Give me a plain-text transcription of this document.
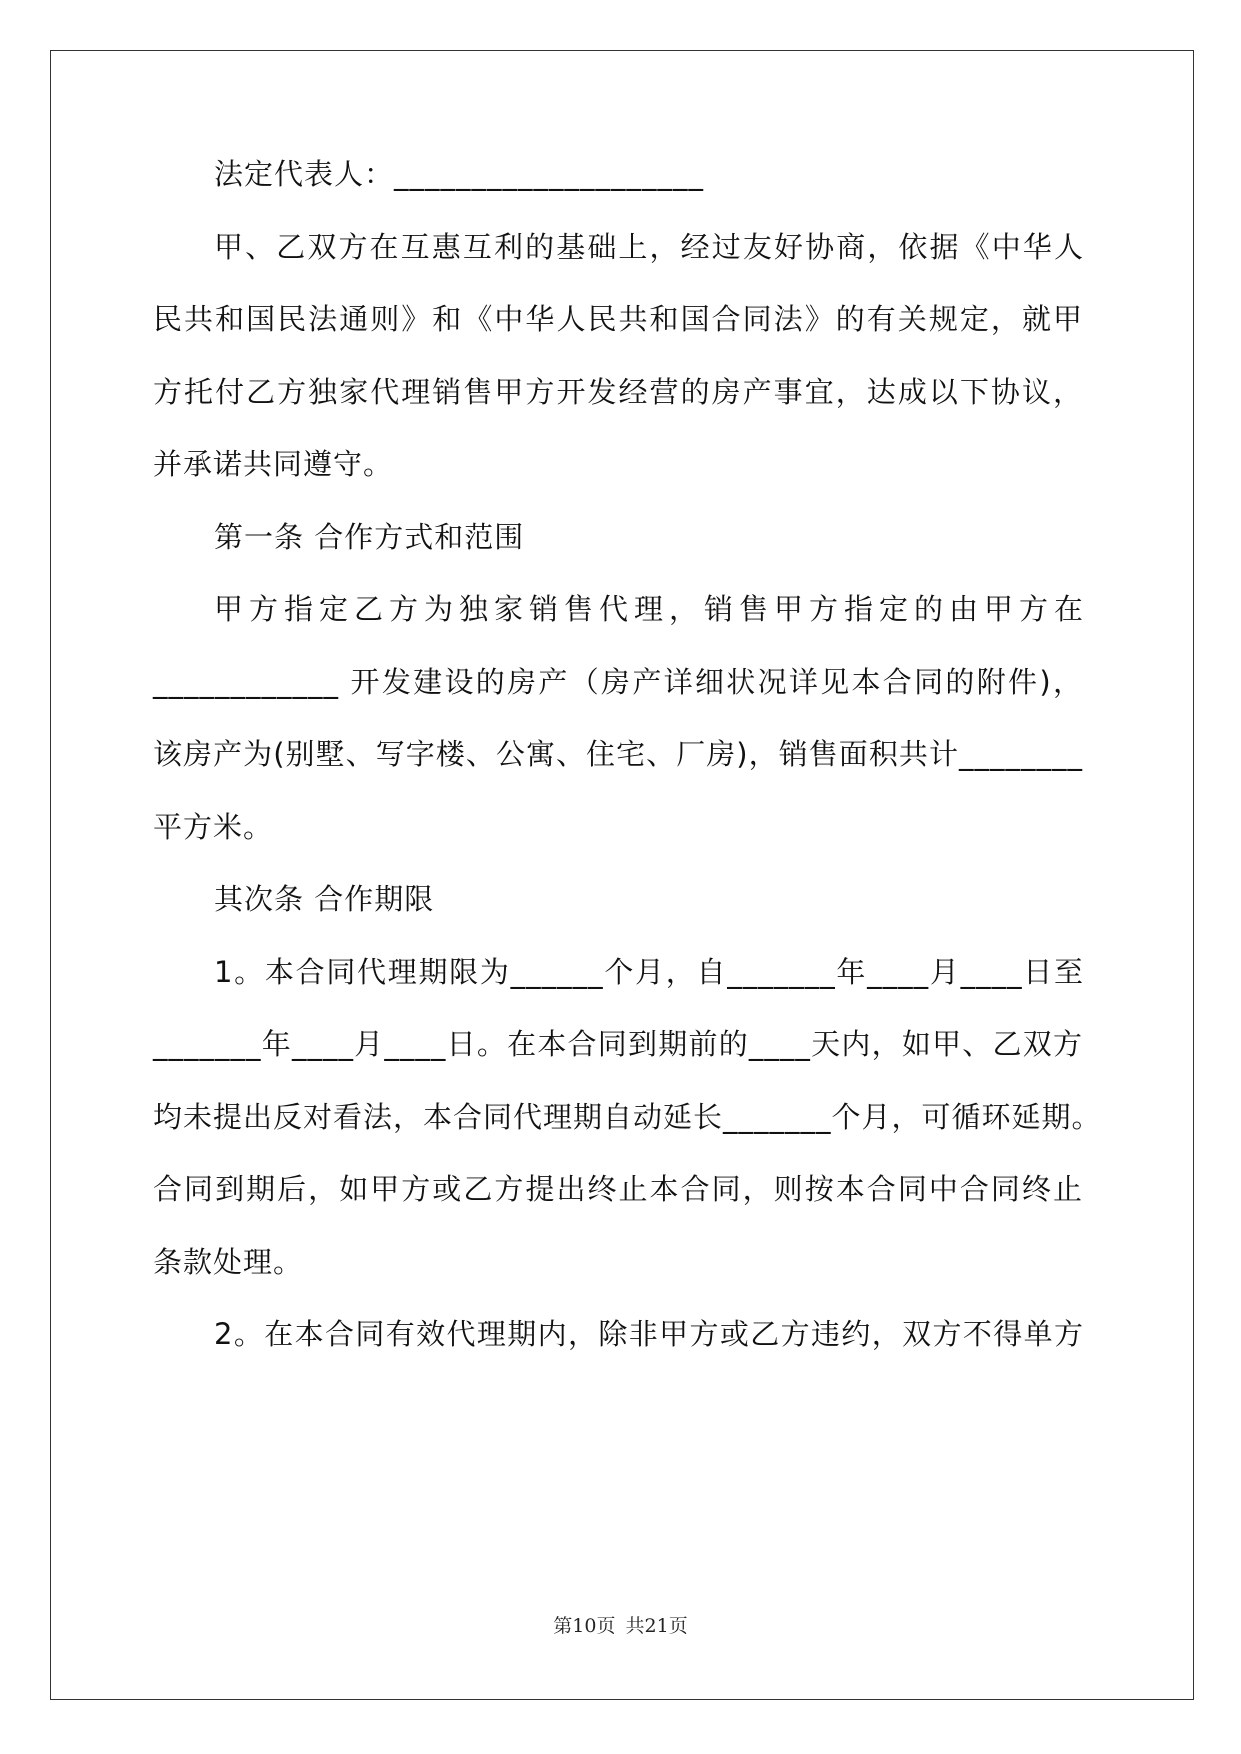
法定代表人：____________________
甲、乙双方在互惠互利的基础上，经过友好协商，依据《中华人
民共和国民法通则》和《中华人民共和国合同法》的有关规定，就甲
方托付乙方独家代理销售甲方开发经营的房产事宜，达成以下协议，
并承诺共同遵守。
第一条 合作方式和范围
甲方指定乙方为独家销售代理，销售甲方指定的由甲方在
____________ 开发建设的房产（房产详细状况详见本合同的附件)，
该房产为(别墅、写字楼、公寓、住宅、厂房)，销售面积共计________
平方米。
其次条 合作期限
1。本合同代理期限为______个月，自_______年____月____日至
_______年____月____日。在本合同到期前的____天内，如甲、乙双方
均未提出反对看法，本合同代理期自动延长_______个月，可循环延期。
合同到期后，如甲方或乙方提出终止本合同，则按本合同中合同终止
条款处理。
2。在本合同有效代理期内，除非甲方或乙方违约，双方不得单方
第10页 共21页
